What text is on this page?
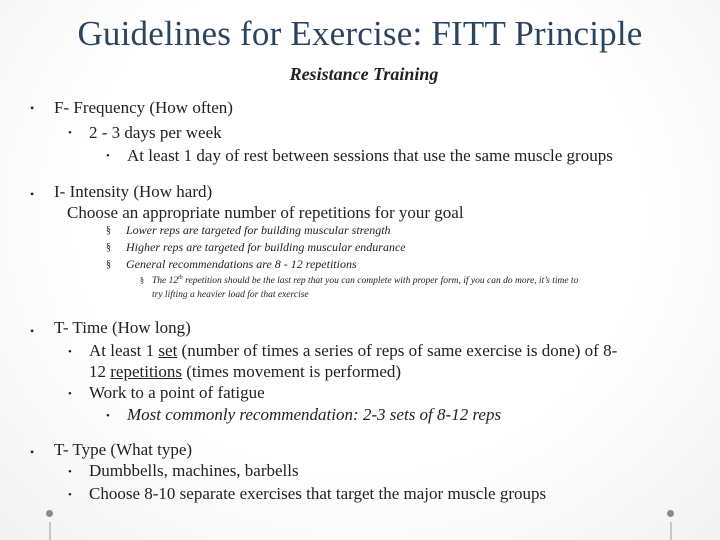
Guidelines for Exercise: FITT Principle
Resistance Training
• F- Frequency (How often)
• 2 - 3 days per week
• At least 1 day of rest between sessions that use the same muscle groups
• I- Intensity (How hard)
Choose an appropriate number of repetitions for your goal
§ Lower reps are targeted for building muscular strength
§ Higher reps are targeted for building muscular endurance
§ General recommendations are 8 - 12 repetitions
§ The 12th repetition should be the last rep that you can complete with proper form, if you can do more, it’s time to
try lifting a heavier load for that exercise
• T- Time (How long)
• At least 1 set (number of times a series of reps of same exercise is done) of 8-
12 repetitions (times movement is performed)
• Work to a point of fatigue
• Most commonly recommendation: 2-3 sets of 8-12 reps
• T- Type (What type)
• Dumbbells, machines, barbells
• Choose 8-10 separate exercises that target the major muscle groups
